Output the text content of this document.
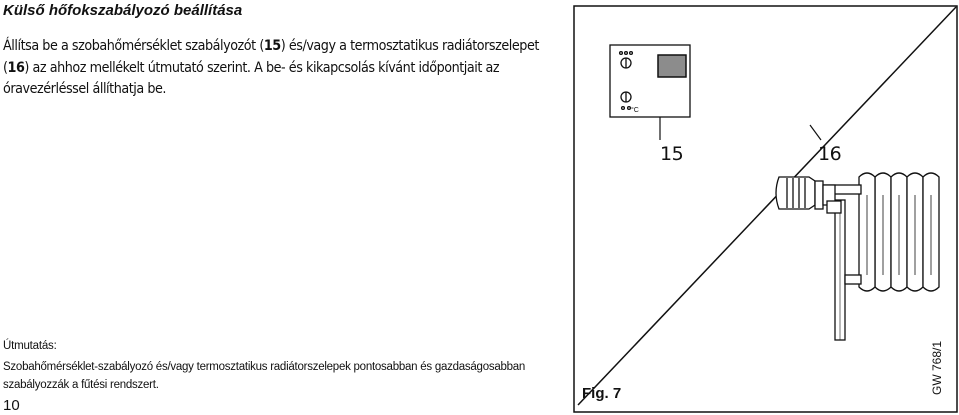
Külső hőfokszabályozó beállítása

Állítsa be a szobahőmérséklet szabályozót (15) és/vagy a termosztatikus radiátorszelepet (16) az ahhoz mellékelt útmutató szerint. A be- és kikapcsolás kívánt időpontjait az óravezérléssel állíthatja be.

Útmutatás:

Szobahőmérséklet-szabályozó és/vagy termosztatikus radiátorszelepek pontosabban és gazdaságosabban szabályozzák a fűtési rendszert.

10

°C

15	16

Fig. 7	GW 768/1
